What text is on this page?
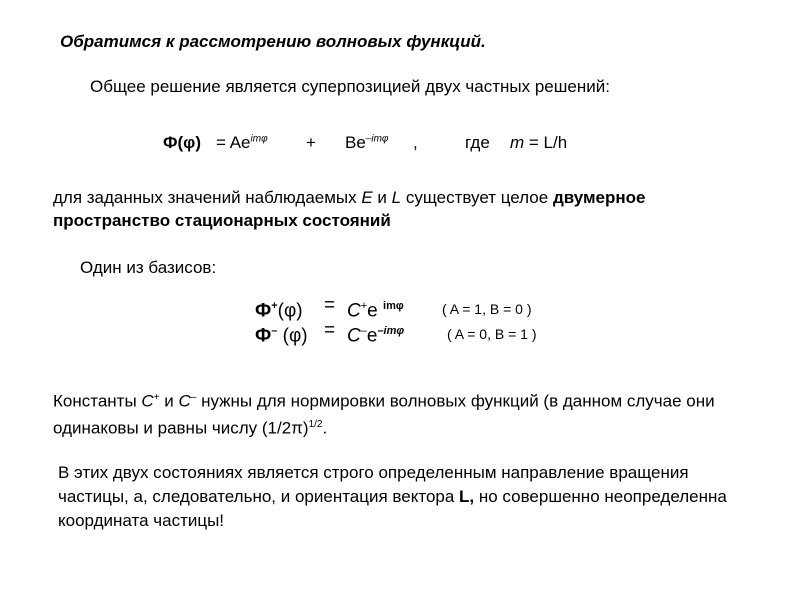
Обратимся к рассмотрению волновых функций.
Общее решение является суперпозицией двух частных решений:
$Ф(\varphi) = Ae^{im\varphi} + Be^{-im\varphi}$ ,	где m = L/h
для заданных значений наблюдаемых E и L существует целое двумерное
пространство стационарных состояний
Один из базисов:
Ф+(φ) = C+e $^{im\varphi}$	( A = 1, B = 0 )
Ф– $(\varphi) = C^-e^{-im\varphi}$	( A = 0, B = 1 )
Константы C+ и C– нужны для нормировки волновых функций (в данном случае они одинаковы и равны числу $(1/2\pi)^{1/2}$.
В этих двух состояниях является строго определенным направление вращения частицы, а, следовательно, и ориентация вектора L, но совершенно неопределенна координата частицы!
